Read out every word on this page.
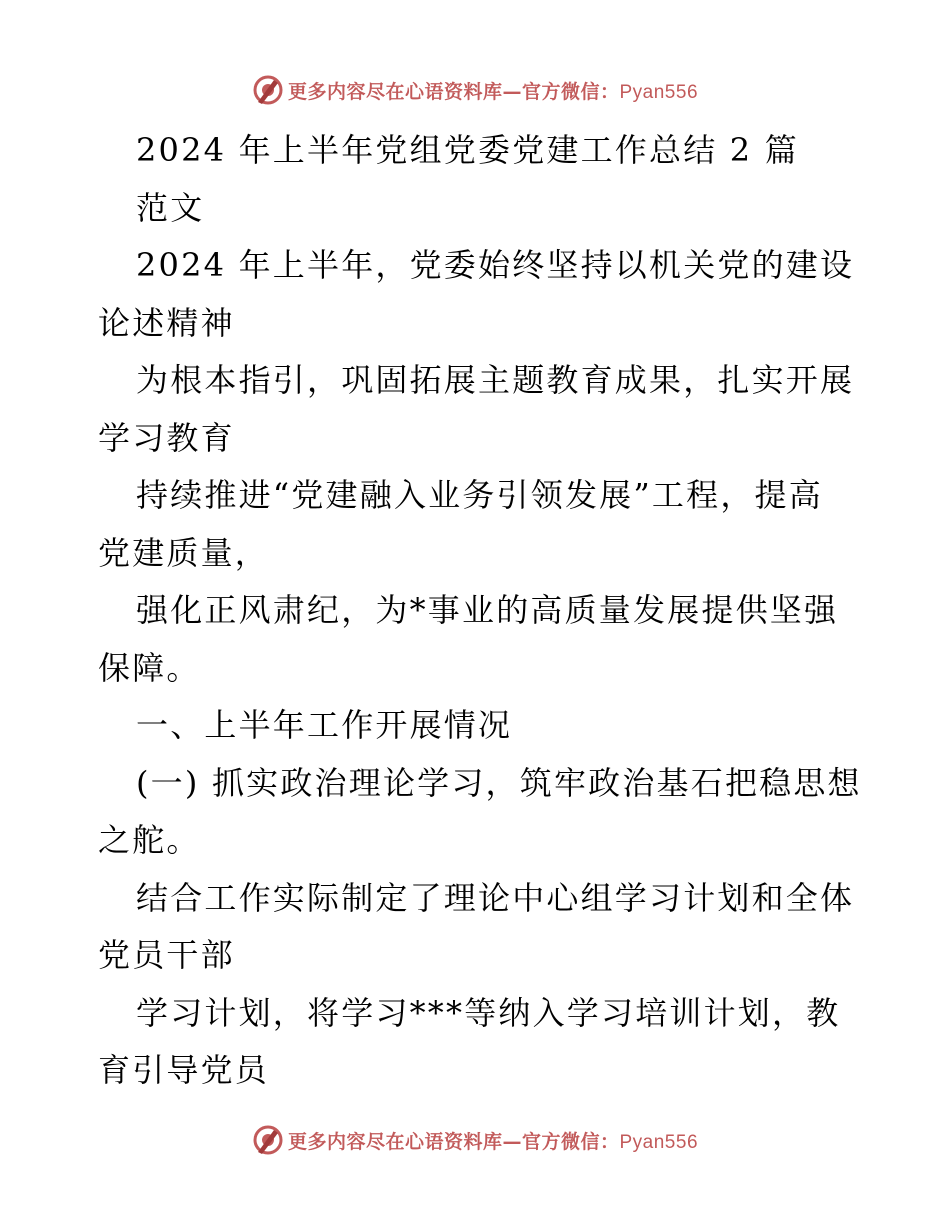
更多内容尽在心语资料库—官方微信：Pyan556
2024 年上半年党组党委党建工作总结 2 篇
范文
2024 年上半年，党委始终坚持以机关党的建设
论述精神
为根本指引，巩固拓展主题教育成果，扎实开展
学习教育
持续推进“党建融入业务引领发展”工程，提高
党建质量，
强化正风肃纪，为*事业的高质量发展提供坚强
保障。
一、上半年工作开展情况
(一) 抓实政治理论学习，筑牢政治基石把稳思想
之舵。
结合工作实际制定了理论中心组学习计划和全体
党员干部
学习计划，将学习***等纳入学习培训计划，教
育引导党员
更多内容尽在心语资料库—官方微信：Pyan556
